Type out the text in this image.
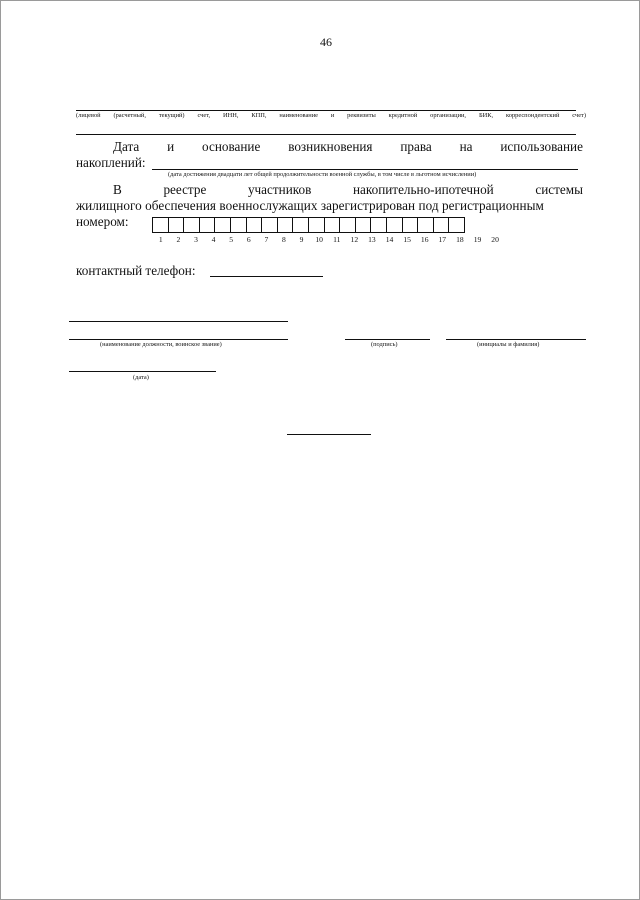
46
(лицевой (расчетный, текущий) счет, ИНН, КПП, наименование и реквизиты кредитной организации, БИК, корреспондентский счет)
Дата и основание возникновения права на использование
накоплений:
(дата достижения двадцати лет общей продолжительности военной службы, в том числе в льготном исчислении)
В	реестре	участников	накопительно-ипотечной	системы
жилищного обеспечения военнослужащих зарегистрирован под регистрационным
номером:
1	2	3	4	5	6	7	8	9	10	11	12	13	14	15	16	17	18	19	20
контактный телефон:
(наименование должности, воинское звание)	(подпись)	(инициалы и фамилия)
(дата)
